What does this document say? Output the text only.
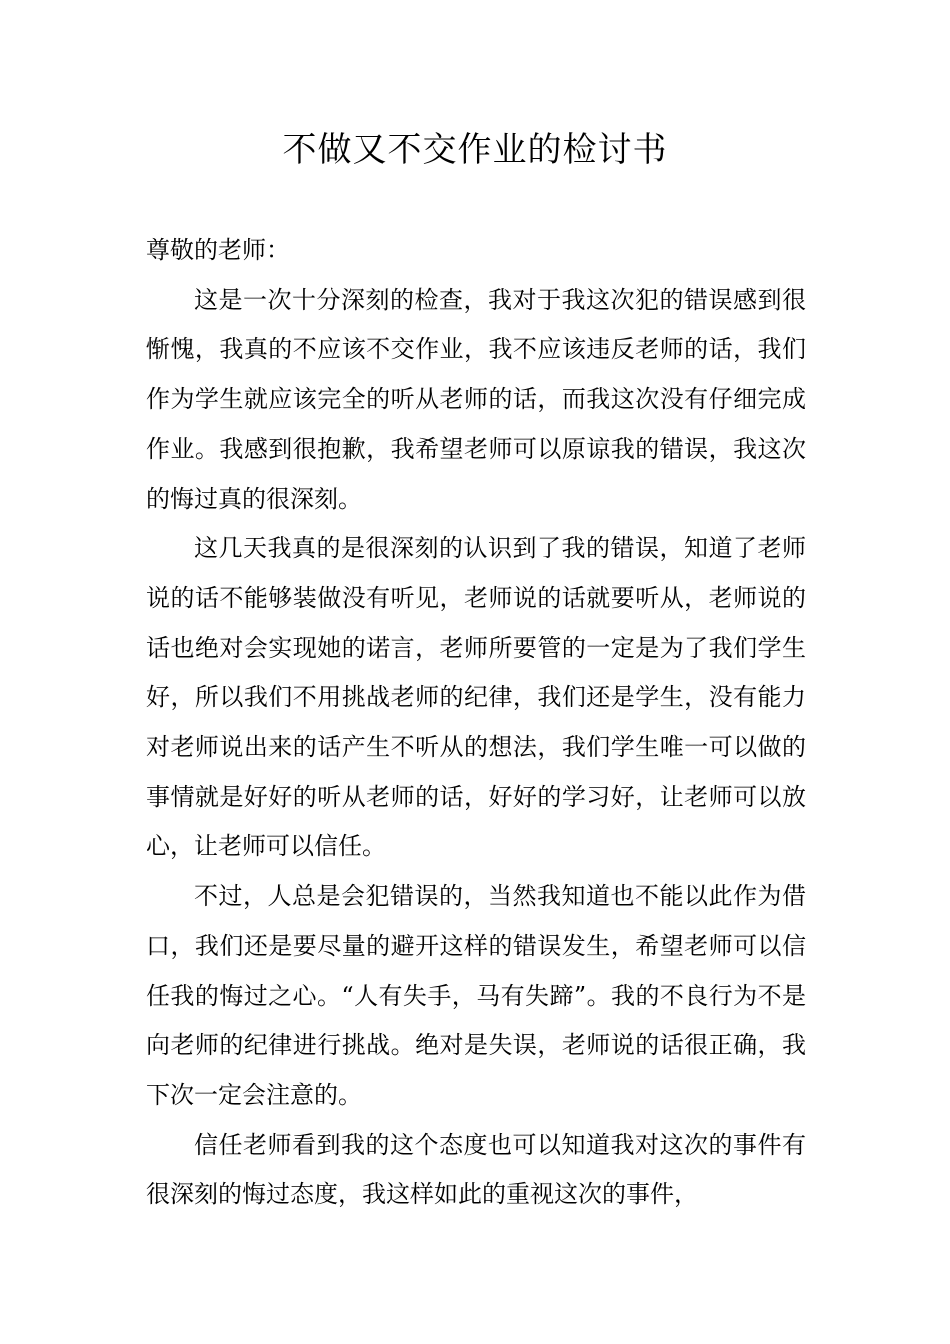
不做又不交作业的检讨书

尊敬的老师：

这是一次十分深刻的检查，我对于我这次犯的错误感到很惭愧，我真的不应该不交作业，我不应该违反老师的话，我们作为学生就应该完全的听从老师的话，而我这次没有仔细完成作业。我感到很抱歉，我希望老师可以原谅我的错误，我这次的悔过真的很深刻。

这几天我真的是很深刻的认识到了我的错误，知道了老师说的话不能够装做没有听见，老师说的话就要听从，老师说的话也绝对会实现她的诺言，老师所要管的一定是为了我们学生好，所以我们不用挑战老师的纪律，我们还是学生，没有能力对老师说出来的话产生不听从的想法，我们学生唯一可以做的事情就是好好的听从老师的话，好好的学习好，让老师可以放心，让老师可以信任。

不过，人总是会犯错误的，当然我知道也不能以此作为借口，我们还是要尽量的避开这样的错误发生，希望老师可以信任我的悔过之心。“人有失手，马有失蹄”。我的不良行为不是向老师的纪律进行挑战。绝对是失误，老师说的话很正确，我下次一定会注意的。

信任老师看到我的这个态度也可以知道我对这次的事件有很深刻的悔过态度，我这样如此的重视这次的事件，
